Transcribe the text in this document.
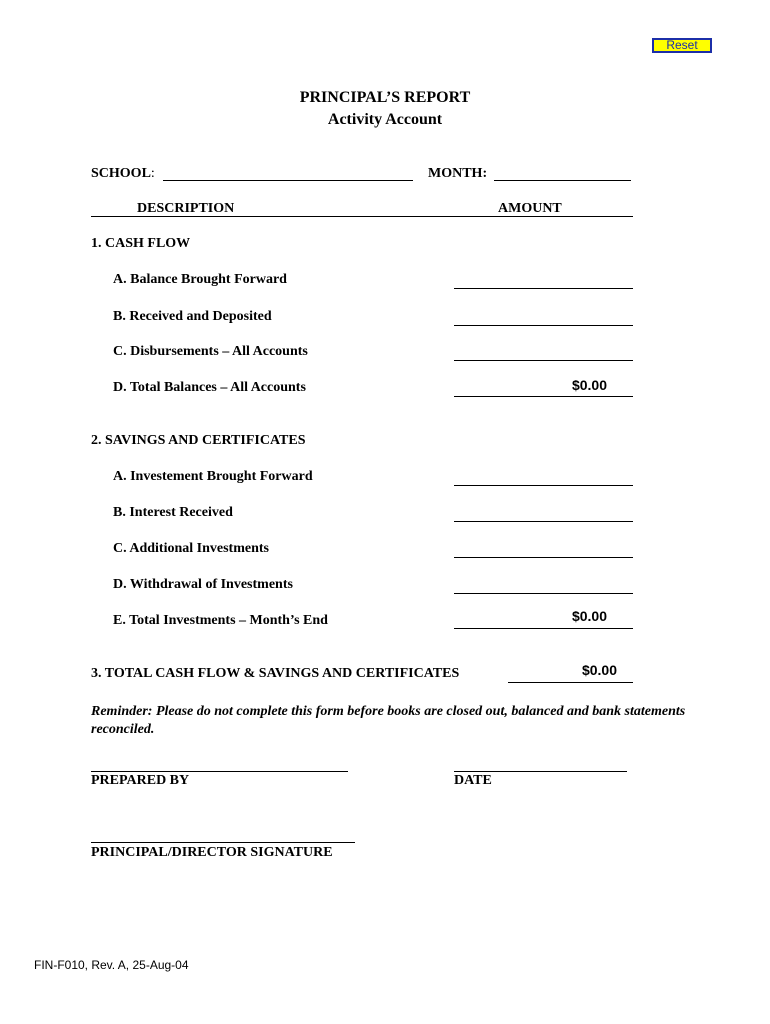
Reset
PRINCIPAL’S REPORT
Activity Account
SCHOOL:	MONTH:
DESCRIPTION	AMOUNT
1. CASH FLOW
A. Balance Brought Forward
B. Received and Deposited
C. Disbursements – All Accounts
D. Total Balances – All Accounts	$0.00
2. SAVINGS AND CERTIFICATES
A. Investement Brought Forward
B. Interest Received
C. Additional Investments
D. Withdrawal of Investments
E. Total Investments – Month’s End	$0.00
3. TOTAL CASH FLOW & SAVINGS AND CERTIFICATES	$0.00
Reminder: Please do not complete this form before books are closed out, balanced and bank statements reconciled.
PREPARED BY	DATE
PRINCIPAL/DIRECTOR SIGNATURE
FIN-F010, Rev. A, 25-Aug-04
